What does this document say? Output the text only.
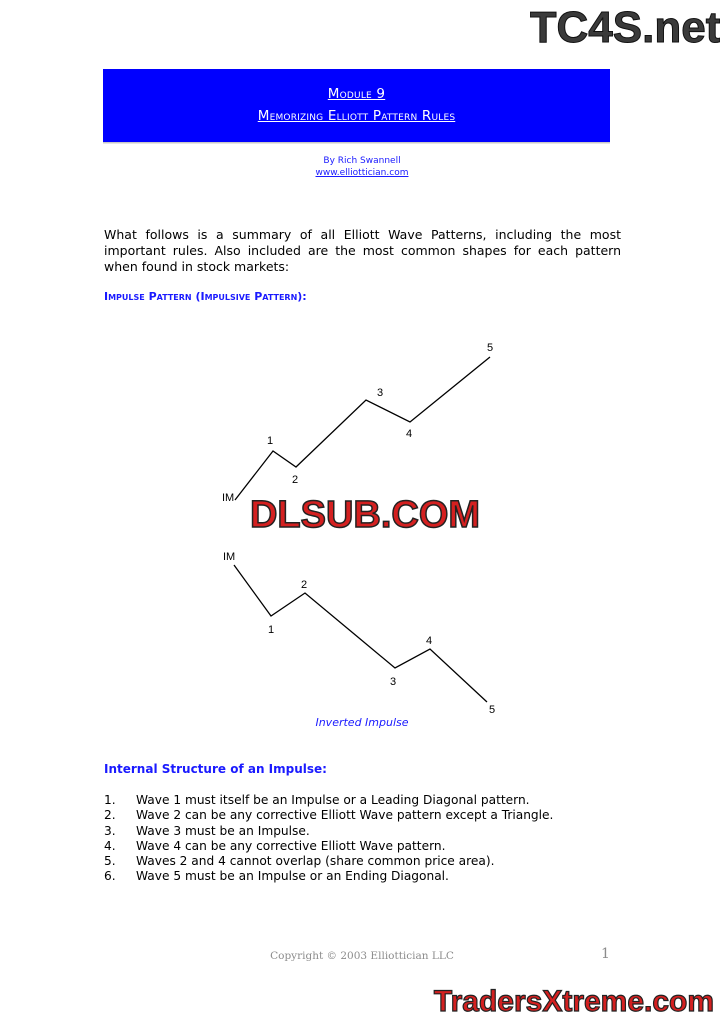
TC4S.net
Module 9
Memorizing Elliott Pattern Rules
By Rich Swannell
www.elliottician.com
What follows is a summary of all Elliott Wave Patterns, including the most important rules. Also included are the most common shapes for each pattern when found in stock markets:
Impulse Pattern (Impulsive Pattern):
IM
1
2
3
4
5
IM
1
2
3
4
5
DLSUB.COM
Inverted Impulse
Internal Structure of an Impulse:
1. Wave 1 must itself be an Impulse or a Leading Diagonal pattern.
2. Wave 2 can be any corrective Elliott Wave pattern except a Triangle.
3. Wave 3 must be an Impulse.
4. Wave 4 can be any corrective Elliott Wave pattern.
5. Waves 2 and 4 cannot overlap (share common price area).
6. Wave 5 must be an Impulse or an Ending Diagonal.
Copyright © 2003 Elliottician LLC	1
TradersXtreme.com
